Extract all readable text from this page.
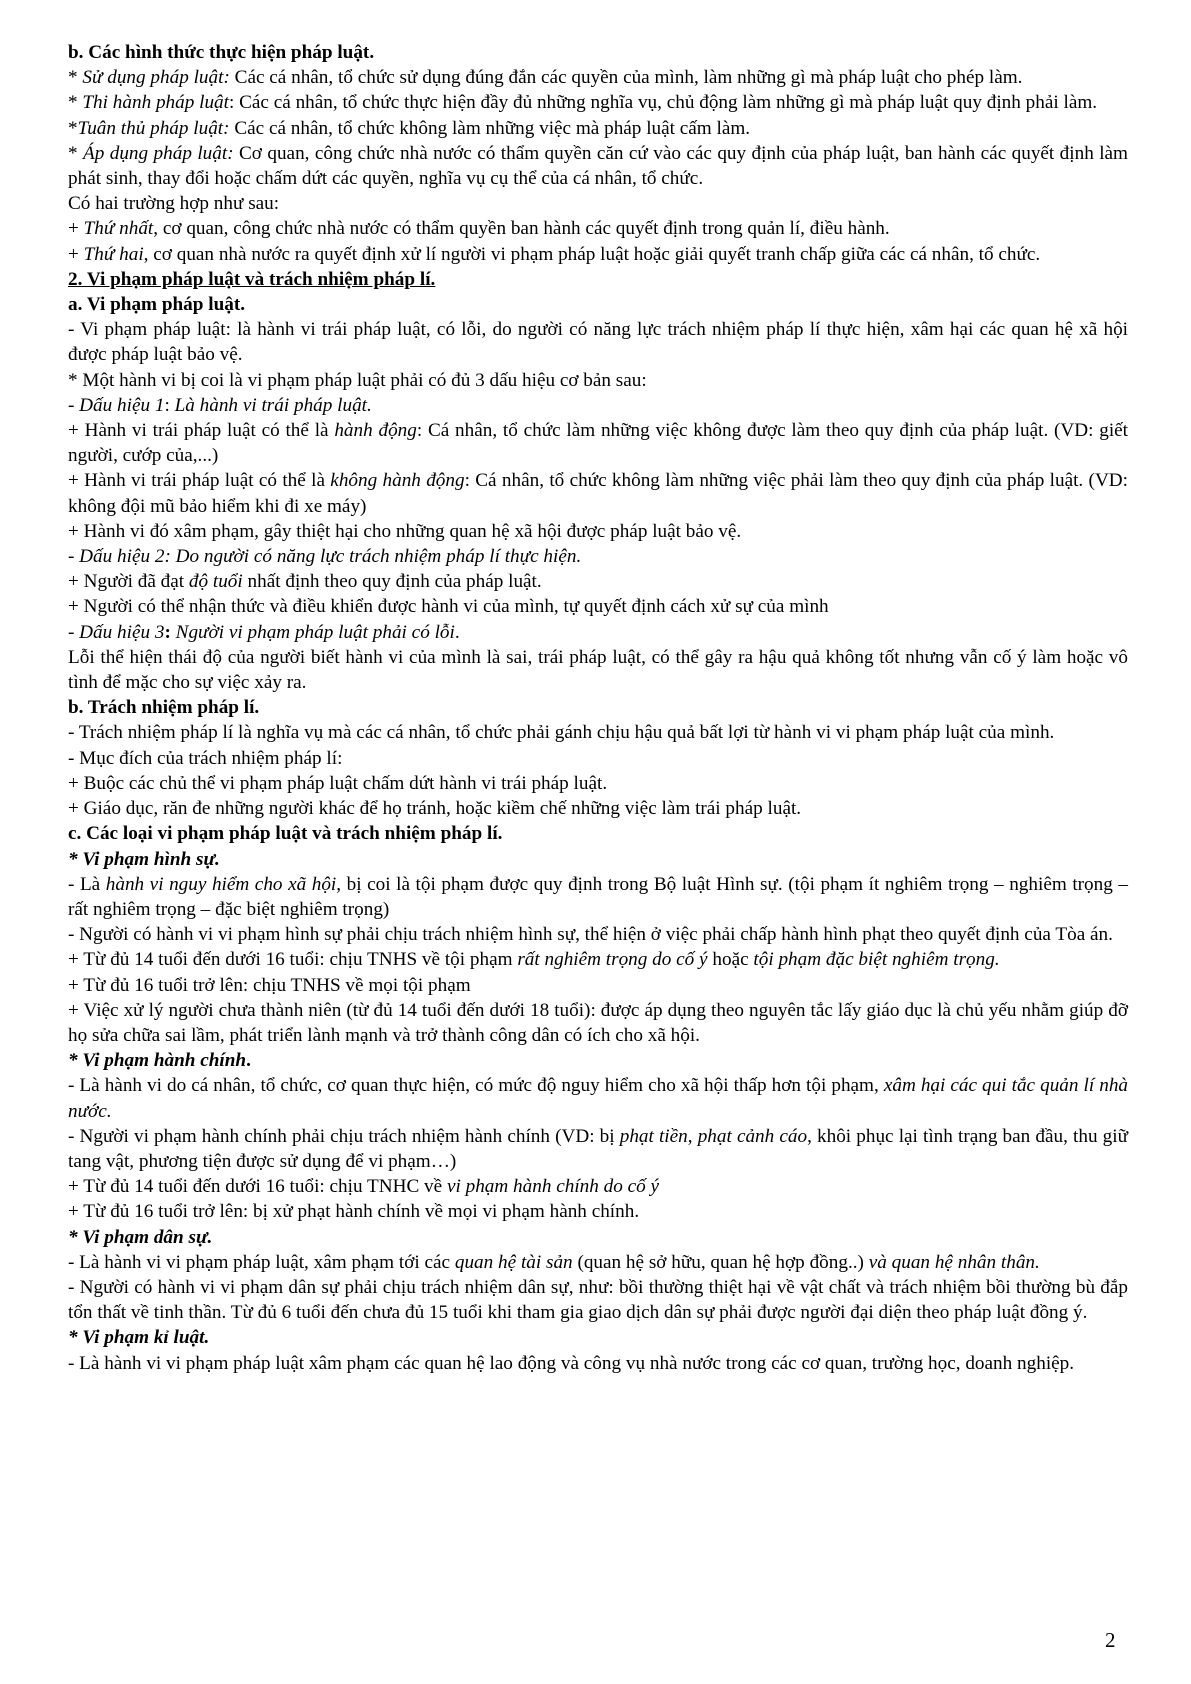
b. Các hình thức thực hiện pháp luật.

* Sử dụng pháp luật: Các cá nhân, tổ chức sử dụng đúng đắn các quyền của mình, làm những gì mà pháp luật cho phép làm.

* Thi hành pháp luật: Các cá nhân, tổ chức thực hiện đầy đủ những nghĩa vụ, chủ động làm những gì mà pháp luật quy định phải làm.

*Tuân thủ pháp luật: Các cá nhân, tổ chức không làm những việc mà pháp luật cấm làm.

* Áp dụng pháp luật: Cơ quan, công chức nhà nước có thẩm quyền căn cứ vào các quy định của pháp luật, ban hành các quyết định làm phát sinh, thay đổi hoặc chấm dứt các quyền, nghĩa vụ cụ thể của cá nhân, tổ chức.

Có hai trường hợp như sau:

+ Thứ nhất, cơ quan, công chức nhà nước có thẩm quyền ban hành các quyết định trong quản lí, điều hành.

+ Thứ hai, cơ quan nhà nước ra quyết định xử lí người vi phạm pháp luật hoặc giải quyết tranh chấp giữa các cá nhân, tổ chức.

2. Vi phạm pháp luật và trách nhiệm pháp lí.

a. Vi phạm pháp luật.

- Vi phạm pháp luật: là hành vi trái pháp luật, có lỗi, do người có năng lực trách nhiệm pháp lí thực hiện, xâm hại các quan hệ xã hội được pháp luật bảo vệ.

* Một hành vi bị coi là vi phạm pháp luật phải có đủ 3 dấu hiệu cơ bản sau:

- Dấu hiệu 1: Là hành vi trái pháp luật.

+ Hành vi trái pháp luật có thể là hành động: Cá nhân, tổ chức làm những việc không được làm theo quy định của pháp luật. (VD: giết người, cướp của,...)

+ Hành vi trái pháp luật có thể là không hành động: Cá nhân, tổ chức không làm những việc phải làm theo quy định của pháp luật. (VD: không đội mũ bảo hiểm khi đi xe máy)

+ Hành vi đó xâm phạm, gây thiệt hại cho những quan hệ xã hội được pháp luật bảo vệ.

- Dấu hiệu 2: Do người có năng lực trách nhiệm pháp lí thực hiện.

+ Người đã đạt độ tuổi nhất định theo quy định của pháp luật.

+ Người có thể nhận thức và điều khiển được hành vi của mình, tự quyết định cách xử sự của mình

- Dấu hiệu 3: Người vi phạm pháp luật phải có lỗi.

Lỗi thể hiện thái độ của người biết hành vi của mình là sai, trái pháp luật, có thể gây ra hậu quả không tốt nhưng vẫn cố ý làm hoặc vô tình để mặc cho sự việc xảy ra.

b. Trách nhiệm pháp lí.

- Trách nhiệm pháp lí là nghĩa vụ mà các cá nhân, tổ chức phải gánh chịu hậu quả bất lợi từ hành vi vi phạm pháp luật của mình.

- Mục đích của trách nhiệm pháp lí:

+ Buộc các chủ thể vi phạm pháp luật chấm dứt hành vi trái pháp luật.

+ Giáo dục, răn đe những người khác để họ tránh, hoặc kiềm chế những việc làm trái pháp luật.

c. Các loại vi phạm pháp luật và trách nhiệm pháp lí.

* Vi phạm hình sự.

- Là hành vi nguy hiểm cho xã hội, bị coi là tội phạm được quy định trong Bộ luật Hình sự. (tội phạm ít nghiêm trọng – nghiêm trọng – rất nghiêm trọng – đặc biệt nghiêm trọng)

- Người có hành vi vi phạm hình sự phải chịu trách nhiệm hình sự, thể hiện ở việc phải chấp hành hình phạt theo quyết định của Tòa án.

+ Từ đủ 14 tuổi đến dưới 16 tuổi: chịu TNHS về tội phạm rất nghiêm trọng do cố ý hoặc tội phạm đặc biệt nghiêm trọng.

+ Từ đủ 16 tuổi trở lên: chịu TNHS về mọi tội phạm

+ Việc xử lý người chưa thành niên (từ đủ 14 tuổi đến dưới 18 tuổi): được áp dụng theo nguyên tắc lấy giáo dục là chủ yếu nhằm giúp đỡ họ sửa chữa sai lầm, phát triển lành mạnh và trở thành công dân có ích cho xã hội.

* Vi phạm hành chính.

- Là hành vi do cá nhân, tổ chức, cơ quan thực hiện, có mức độ nguy hiểm cho xã hội thấp hơn tội phạm, xâm hại các qui tắc quản lí nhà nước.

- Người vi phạm hành chính phải chịu trách nhiệm hành chính (VD: bị phạt tiền, phạt cảnh cáo, khôi phục lại tình trạng ban đầu, thu giữ tang vật, phương tiện được sử dụng để vi phạm…)

+ Từ đủ 14 tuổi đến dưới 16 tuổi: chịu TNHC về vi phạm hành chính do cố ý

+ Từ đủ 16 tuổi trở lên: bị xử phạt hành chính về mọi vi phạm hành chính.

* Vi phạm dân sự.

- Là hành vi vi phạm pháp luật, xâm phạm tới các quan hệ tài sản (quan hệ sở hữu, quan hệ hợp đồng..) và quan hệ nhân thân.

- Người có hành vi vi phạm dân sự phải chịu trách nhiệm dân sự, như: bồi thường thiệt hại về vật chất và trách nhiệm bồi thường bù đắp tổn thất về tinh thần. Từ đủ 6 tuổi đến chưa đủ 15 tuổi khi tham gia giao dịch dân sự phải được người đại diện theo pháp luật đồng ý.

* Vi phạm kỉ luật.

- Là hành vi vi phạm pháp luật xâm phạm các quan hệ lao động và công vụ nhà nước trong các cơ quan, trường học, doanh nghiệp.

2
